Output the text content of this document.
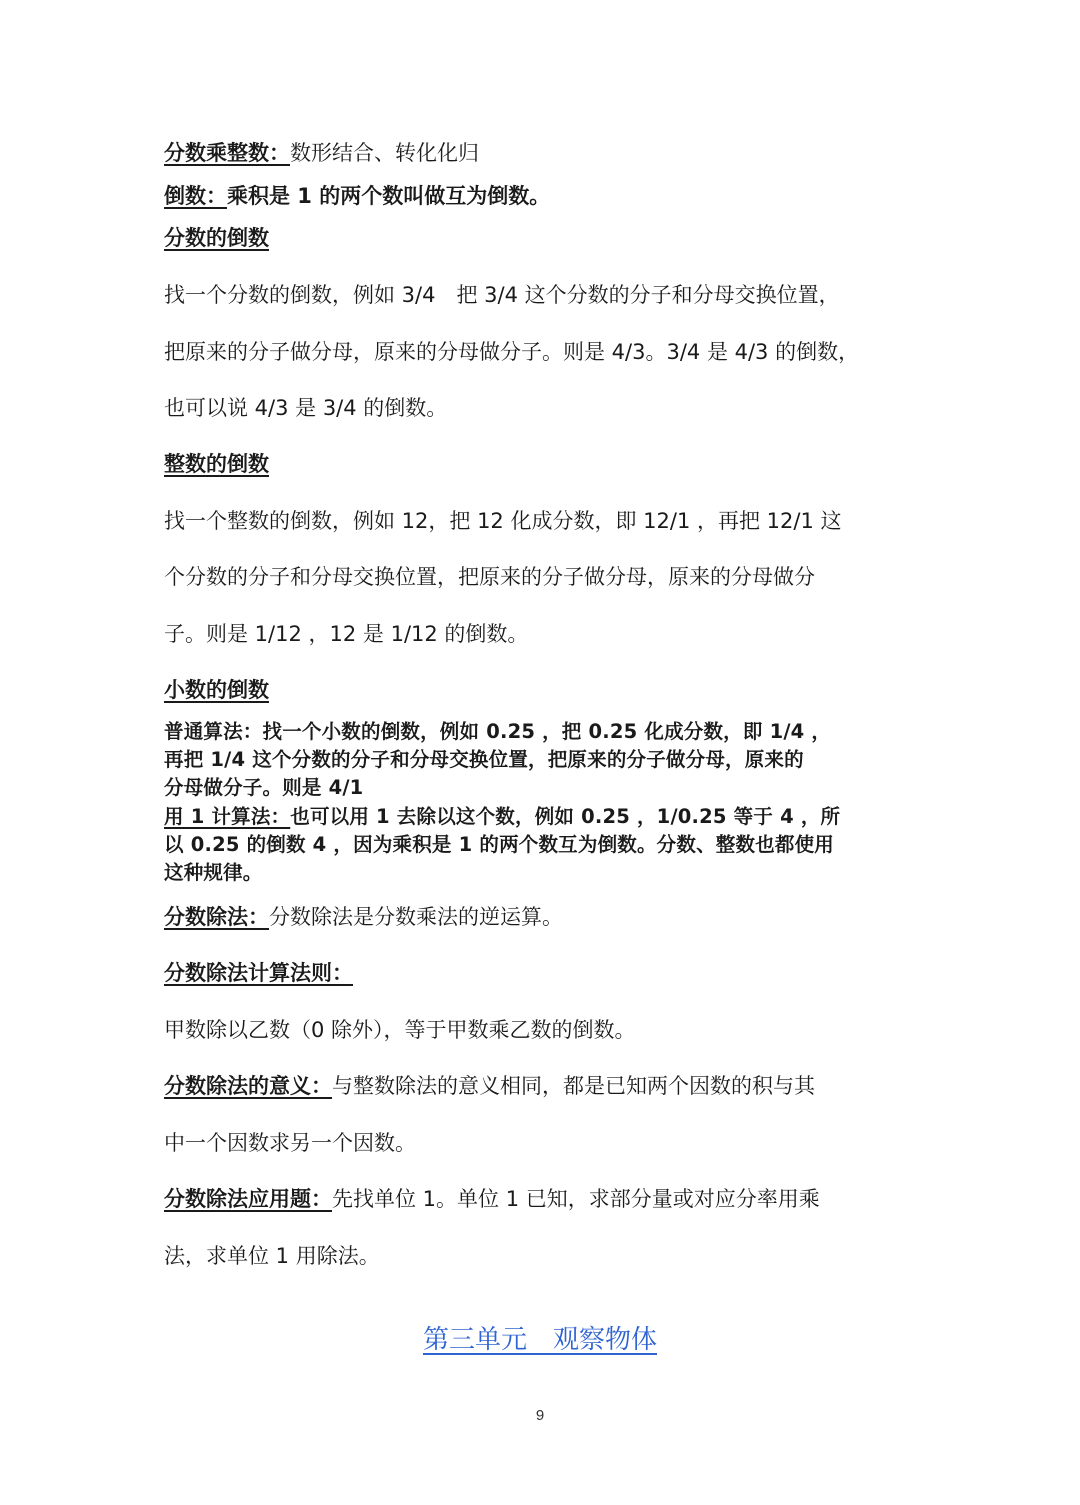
分数乘整数：数形结合、转化化归
倒数：乘积是 1 的两个数叫做互为倒数。
分数的倒数
找一个分数的倒数，例如 3/4　把 3/4 这个分数的分子和分母交换位置，
把原来的分子做分母，原来的分母做分子。则是 4/3。3/4 是 4/3 的倒数，
也可以说 4/3 是 3/4 的倒数。
整数的倒数
找一个整数的倒数，例如 12，把 12 化成分数，即 12/1 ，再把 12/1 这
个分数的分子和分母交换位置，把原来的分子做分母，原来的分母做分
子。则是 1/12 ，12 是 1/12 的倒数。
小数的倒数
普通算法：找一个小数的倒数，例如 0.25 ，把 0.25 化成分数，即 1/4 ，
再把 1/4 这个分数的分子和分母交换位置，把原来的分子做分母，原来的
分母做分子。则是 4/1
用 1 计算法：也可以用 1 去除以这个数，例如 0.25 ，1/0.25 等于 4 ，所
以 0.25 的倒数 4 ，因为乘积是 1 的两个数互为倒数。分数、整数也都使用
这种规律。
分数除法：分数除法是分数乘法的逆运算。
分数除法计算法则：
甲数除以乙数（0 除外），等于甲数乘乙数的倒数。
分数除法的意义：与整数除法的意义相同，都是已知两个因数的积与其
中一个因数求另一个因数。
分数除法应用题：先找单位 1。单位 1 已知，求部分量或对应分率用乘
法，求单位 1 用除法。
第三单元　观察物体
9
